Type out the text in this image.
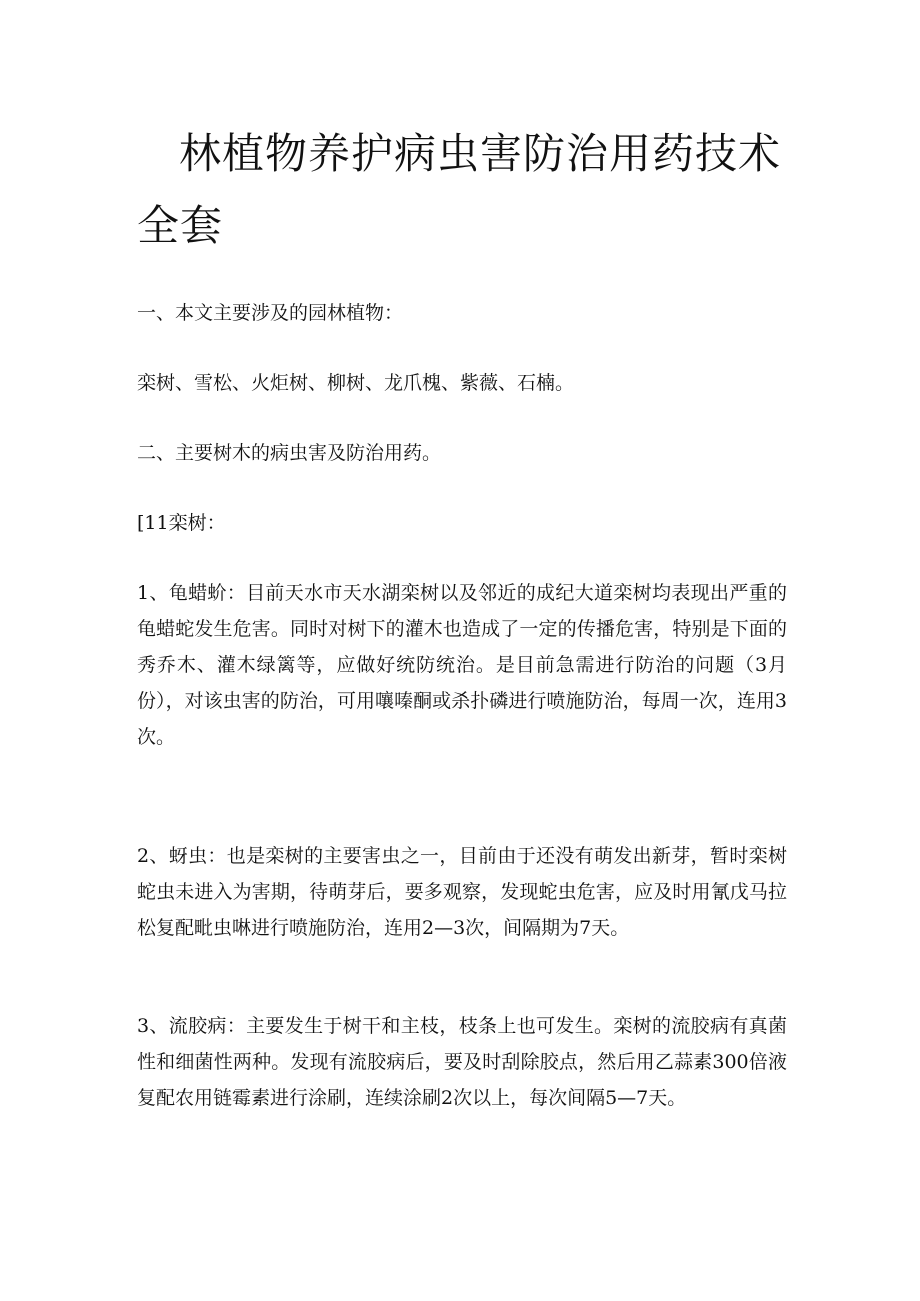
林植物养护病虫害防治用药技术全套

一、本文主要涉及的园林植物：

栾树、雪松、火炬树、柳树、龙爪槐、紫薇、石楠。

二、主要树木的病虫害及防治用药。

[11栾树：

1、龟蜡蚧：目前天水市天水湖栾树以及邻近的成纪大道栾树均表现出严重的龟蜡蛇发生危害。同时对树下的灌木也造成了一定的传播危害，特别是下面的秀乔木、灌木绿篱等，应做好统防统治。是目前急需进行防治的问题（3月份），对该虫害的防治，可用嚷嗪酮或杀扑磷进行喷施防治，每周一次，连用3次。

2、蚜虫：也是栾树的主要害虫之一，目前由于还没有萌发出新芽，暂时栾树蛇虫未进入为害期，待萌芽后，要多观察，发现蛇虫危害，应及时用氰戊马拉松复配毗虫啉进行喷施防治，连用2—3次，间隔期为7天。

3、流胶病：主要发生于树干和主枝，枝条上也可发生。栾树的流胶病有真菌性和细菌性两种。发现有流胶病后，要及时刮除胶点，然后用乙蒜素300倍液复配农用链霉素进行涂刷，连续涂刷2次以上，每次间隔5—7天。
